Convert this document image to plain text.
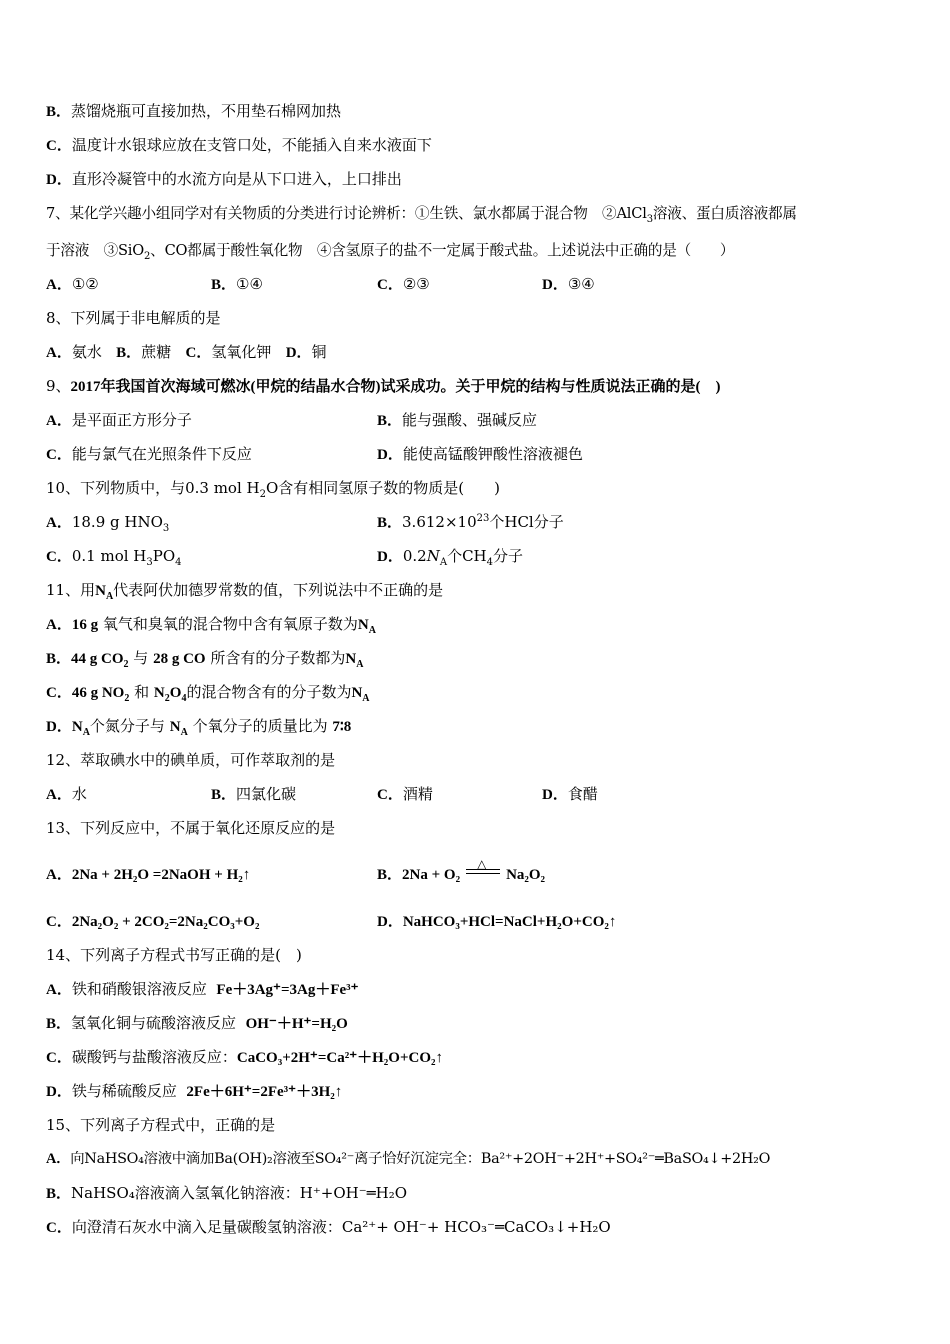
B．蒸馏烧瓶可直接加热，不用垫石棉网加热
C．温度计水银球应放在支管口处，不能插入自来水液面下
D．直形冷凝管中的水流方向是从下口进入，上口排出
7、某化学兴趣小组同学对有关物质的分类进行讨论辨析：①生铁、氯水都属于混合物　②AlCl$_3$溶液、蛋白质溶液都属
于溶液　③SiO$_2$、CO都属于酸性氧化物　④含氢原子的盐不一定属于酸式盐。上述说法中正确的是（　　）
A．①②	B．①④	C．②③	D．③④
8、下列属于非电解质的是
A．氨水 B．蔗糖 C．氢氧化钾 D．铜
9、2017年我国首次海域可燃冰(甲烷的结晶水合物)试采成功。关于甲烷的结构与性质说法正确的是(　)
A．是平面正方形分子	B．能与强酸、强碱反应
C．能与氯气在光照条件下反应	D．能使高锰酸钾酸性溶液褪色
10、下列物质中，与0.3 mol $H_2O$含有相同氢原子数的物质是(　　)
A．18.9 g $HNO_3$	B．$3.612\times 10^{23}$个HCl分子
C．0.1 mol $H_3PO_4$	D．$0.2N_A$个$CH_4$分子
11、用$N_A$代表阿伏加德罗常数的值，下列说法中不正确的是
A．16 g 氧气和臭氧的混合物中含有氧原子数为$N_A$
B．44 g $CO_2$ 与 28 g CO 所含有的分子数都为$N_A$
C．46 g $NO_2$ 和 $N_2O_4$的混合物含有的分子数为$N_A$
D．$N_A$个氮分子与 $N_A$ 个氧分子的质量比为 7∶8
12、萃取碘水中的碘单质，可作萃取剂的是
A．水	B．四氯化碳	C．酒精	D．食醋
13、下列反应中，不属于氧化还原反应的是
A．2Na + 2H₂O =2NaOH + H₂↑	B．2Na + O₂
△
Na₂O₂
C．2Na₂O₂ + 2CO₂=2Na₂CO₃+O₂	D．NaHCO₃+HCl=NaCl+H₂O+CO₂↑
14、下列离子方程式书写正确的是(　)
A．铁和硝酸银溶液反应 Fe＋3Ag⁺=3Ag＋Fe³⁺
B．氢氧化铜与硫酸溶液反应 OH⁻＋H⁺=H₂O
C．碳酸钙与盐酸溶液反应：CaCO₃+2H⁺=Ca²⁺＋H₂O+CO₂↑
D．铁与稀硫酸反应 2Fe＋6H⁺=2Fe³⁺＋3H₂↑
15、下列离子方程式中，正确的是
A．向NaHSO₄溶液中滴加Ba(OH)₂溶液至SO₄²⁻离子恰好沉淀完全：Ba²⁺+2OH⁻+2H⁺+SO₄²⁻═BaSO₄↓+2H₂O
B．NaHSO₄溶液滴入氢氧化钠溶液：H⁺+OH⁻═H₂O
C．向澄清石灰水中滴入足量碳酸氢钠溶液：Ca²⁺+ OH⁻+ HCO₃⁻═CaCO₃↓+H₂O
